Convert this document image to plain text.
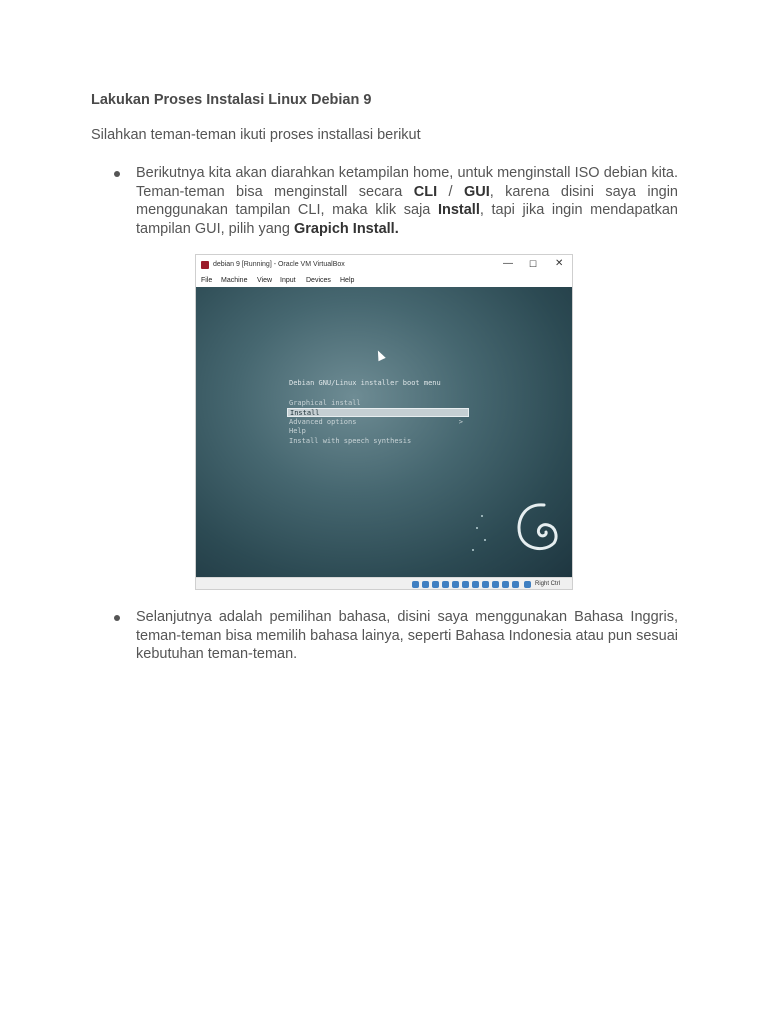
Lakukan Proses Instalasi Linux Debian 9
Silahkan teman-teman ikuti proses installasi berikut
Berikutnya kita akan diarahkan ketampilan home, untuk menginstall ISO debian kita. Teman-teman bisa menginstall secara CLI / GUI, karena disini saya ingin menggunakan tampilan CLI, maka klik saja Install, tapi jika ingin mendapatkan tampilan GUI, pilih yang Grapich Install.
debian 9 [Running] - Oracle VM VirtualBox	— ☐ ✕
File Machine View Input Devices Help
Debian GNU/Linux installer boot menu
Graphical install
Install
Advanced options	>
Help
Install with speech synthesis
Right Ctrl
Selanjutnya adalah pemilihan bahasa, disini saya menggunakan Bahasa Inggris, teman-teman bisa memilih bahasa lainya, seperti Bahasa Indonesia atau pun sesuai kebutuhan teman-teman.
